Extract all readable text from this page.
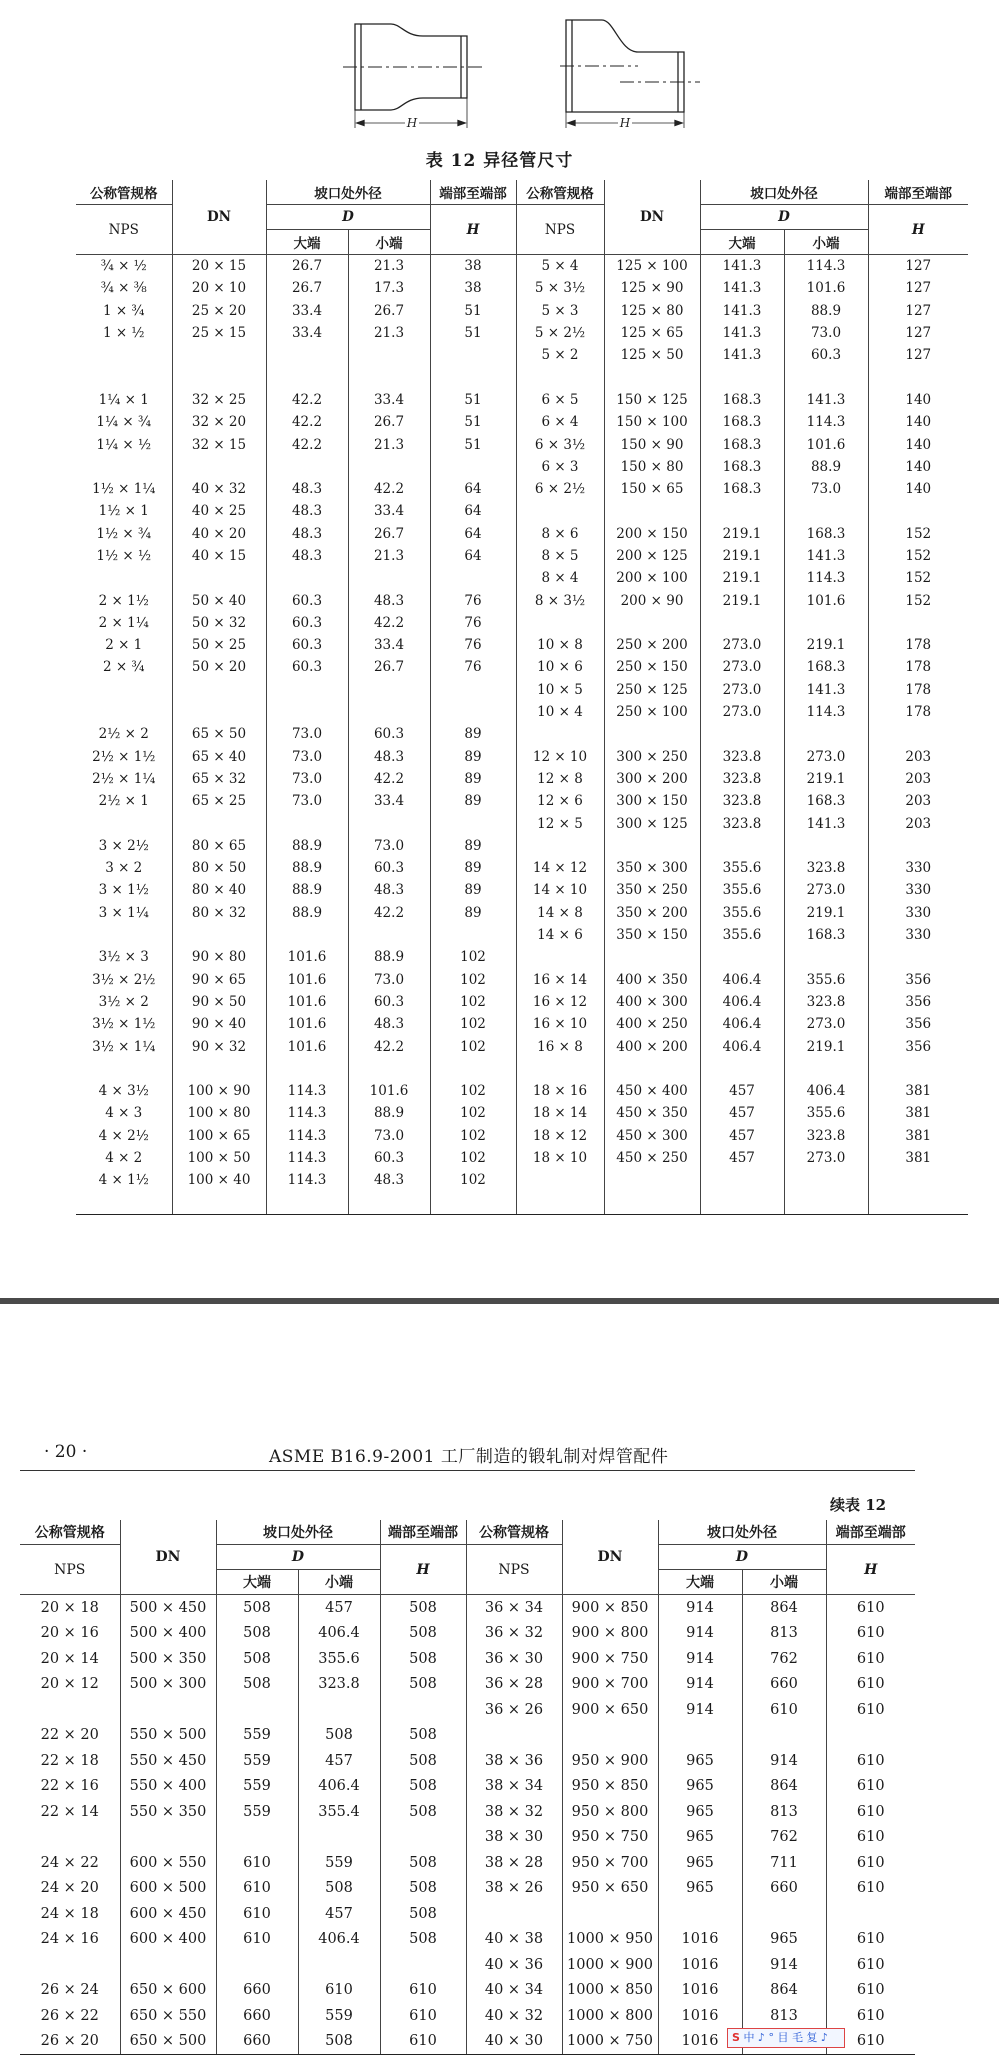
H	H
表 12 异径管尺寸
公称管规格	DN	坡口处外径		端部至端部	公称管规格	DN	坡口处外径		端部至端部
NPS		D		H	NPS		D		H
		大端	小端				大端	小端	
¾ × ½	20 × 15	26.7	21.3	38	5 × 4	125 × 100	141.3	114.3	127
¾ × ⅜	20 × 10	26.7	17.3	38	5 × 3½	125 × 90	141.3	101.6	127
1 × ¾	25 × 20	33.4	26.7	51	5 × 3	125 × 80	141.3	88.9	127
1 × ½	25 × 15	33.4	21.3	51	5 × 2½	125 × 65	141.3	73.0	127
					5 × 2	125 × 50	141.3	60.3	127

1¼ × 1	32 × 25	42.2	33.4	51	6 × 5	150 × 125	168.3	141.3	140
1¼ × ¾	32 × 20	42.2	26.7	51	6 × 4	150 × 100	168.3	114.3	140
1¼ × ½	32 × 15	42.2	21.3	51	6 × 3½	150 × 90	168.3	101.6	140
					6 × 3	150 × 80	168.3	88.9	140
1½ × 1¼	40 × 32	48.3	42.2	64	6 × 2½	150 × 65	168.3	73.0	140
1½ × 1	40 × 25	48.3	33.4	64					
1½ × ¾	40 × 20	48.3	26.7	64	8 × 6	200 × 150	219.1	168.3	152
1½ × ½	40 × 15	48.3	21.3	64	8 × 5	200 × 125	219.1	141.3	152
					8 × 4	200 × 100	219.1	114.3	152
2 × 1½	50 × 40	60.3	48.3	76	8 × 3½	200 × 90	219.1	101.6	152
2 × 1¼	50 × 32	60.3	42.2	76					
2 × 1	50 × 25	60.3	33.4	76	10 × 8	250 × 200	273.0	219.1	178
2 × ¾	50 × 20	60.3	26.7	76	10 × 6	250 × 150	273.0	168.3	178
					10 × 5	250 × 125	273.0	141.3	178
					10 × 4	250 × 100	273.0	114.3	178
2½ × 2	65 × 50	73.0	60.3	89					
2½ × 1½	65 × 40	73.0	48.3	89	12 × 10	300 × 250	323.8	273.0	203
2½ × 1¼	65 × 32	73.0	42.2	89	12 × 8	300 × 200	323.8	219.1	203
2½ × 1	65 × 25	73.0	33.4	89	12 × 6	300 × 150	323.8	168.3	203
					12 × 5	300 × 125	323.8	141.3	203
3 × 2½	80 × 65	88.9	73.0	89					
3 × 2	80 × 50	88.9	60.3	89	14 × 12	350 × 300	355.6	323.8	330
3 × 1½	80 × 40	88.9	48.3	89	14 × 10	350 × 250	355.6	273.0	330
3 × 1¼	80 × 32	88.9	42.2	89	14 × 8	350 × 200	355.6	219.1	330
					14 × 6	350 × 150	355.6	168.3	330
3½ × 3	90 × 80	101.6	88.9	102					
3½ × 2½	90 × 65	101.6	73.0	102	16 × 14	400 × 350	406.4	355.6	356
3½ × 2	90 × 50	101.6	60.3	102	16 × 12	400 × 300	406.4	323.8	356
3½ × 1½	90 × 40	101.6	48.3	102	16 × 10	400 × 250	406.4	273.0	356
3½ × 1¼	90 × 32	101.6	42.2	102	16 × 8	400 × 200	406.4	219.1	356

4 × 3½	100 × 90	114.3	101.6	102	18 × 16	450 × 400	457	406.4	381
4 × 3	100 × 80	114.3	88.9	102	18 × 14	450 × 350	457	355.6	381
4 × 2½	100 × 65	114.3	73.0	102	18 × 12	450 × 300	457	323.8	381
4 × 2	100 × 50	114.3	60.3	102	18 × 10	450 × 250	457	273.0	381
4 × 1½	100 × 40	114.3	48.3	102					

· 20 ·	ASME B16.9-2001 工厂制造的锻轧制对焊管配件
续表 12
公称管规格	DN	坡口处外径		端部至端部	公称管规格	DN	坡口处外径		端部至端部
NPS		D		H	NPS		D		H
		大端	小端				大端	小端	
20 × 18	500 × 450	508	457	508	36 × 34	900 × 850	914	864	610
20 × 16	500 × 400	508	406.4	508	36 × 32	900 × 800	914	813	610
20 × 14	500 × 350	508	355.6	508	36 × 30	900 × 750	914	762	610
20 × 12	500 × 300	508	323.8	508	36 × 28	900 × 700	914	660	610
					36 × 26	900 × 650	914	610	610
22 × 20	550 × 500	559	508	508					
22 × 18	550 × 450	559	457	508	38 × 36	950 × 900	965	914	610
22 × 16	550 × 400	559	406.4	508	38 × 34	950 × 850	965	864	610
22 × 14	550 × 350	559	355.4	508	38 × 32	950 × 800	965	813	610
					38 × 30	950 × 750	965	762	610
24 × 22	600 × 550	610	559	508	38 × 28	950 × 700	965	711	610
24 × 20	600 × 500	610	508	508	38 × 26	950 × 650	965	660	610
24 × 18	600 × 450	610	457	508					
24 × 16	600 × 400	610	406.4	508	40 × 38	1000 × 950	1016	965	610
					40 × 36	1000 × 900	1016	914	610
26 × 24	650 × 600	660	610	610	40 × 34	1000 × 850	1016	864	610
26 × 22	650 × 550	660	559	610	40 × 32	1000 × 800	1016	813	610
26 × 20	650 × 500	660	508	610	40 × 30	1000 × 750	1016		610
S 中 ♪ ° 目 毛 复 ♪
